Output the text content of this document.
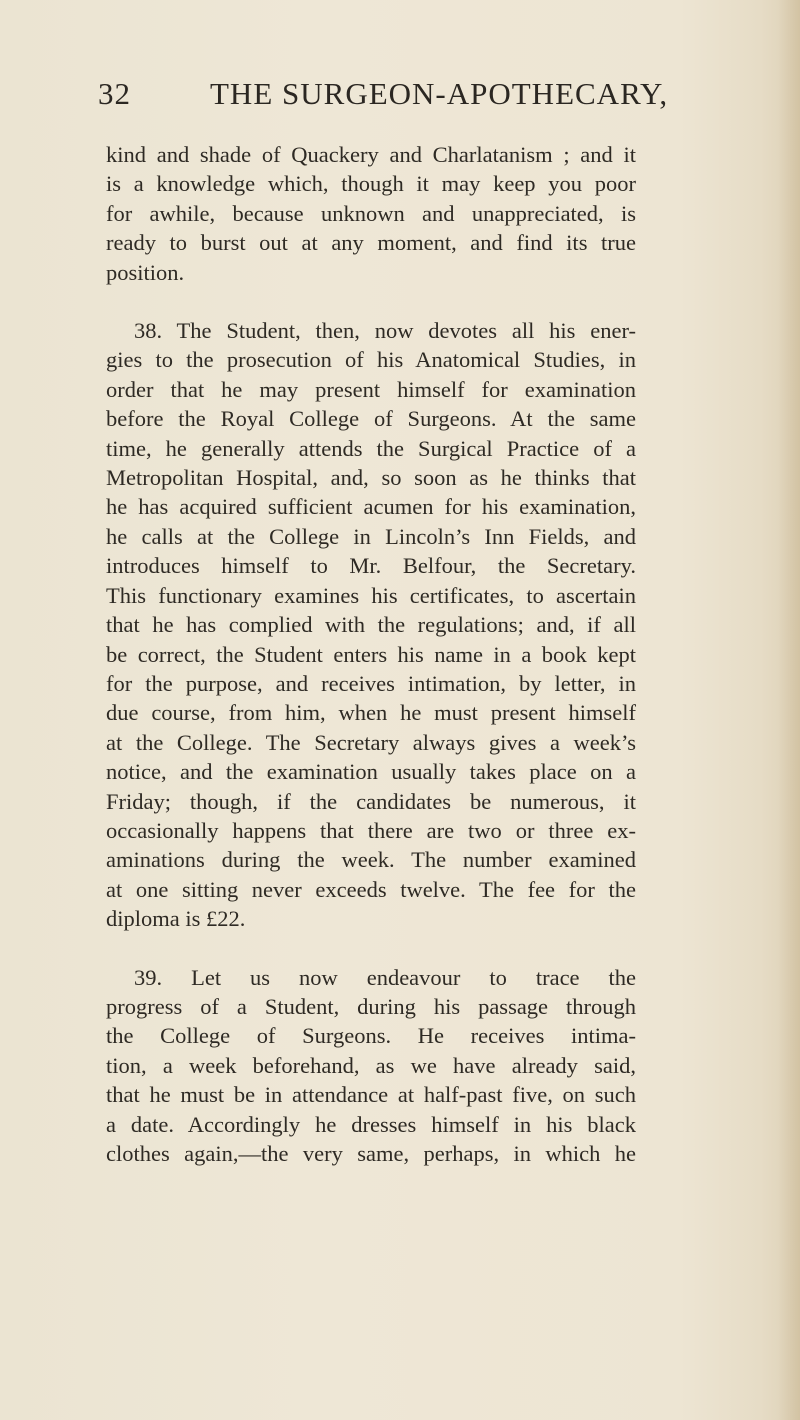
32	THE SURGEON-APOTHECARY,
kind and shade of Quackery and Charlatanism ; and it
is a knowledge which, though it may keep you poor
for awhile, because unknown and unappreciated, is
ready to burst out at any moment, and find its true
position.
38. The Student, then, now devotes all his ener-
gies to the prosecution of his Anatomical Studies, in
order that he may present himself for examination
before the Royal College of Surgeons. At the same
time, he generally attends the Surgical Practice of a
Metropolitan Hospital, and, so soon as he thinks that
he has acquired sufficient acumen for his examination,
he calls at the College in Lincoln’s Inn Fields, and
introduces himself to Mr. Belfour, the Secretary.
This functionary examines his certificates, to ascertain
that he has complied with the regulations; and, if all
be correct, the Student enters his name in a book kept
for the purpose, and receives intimation, by letter, in
due course, from him, when he must present himself
at the College. The Secretary always gives a week’s
notice, and the examination usually takes place on a
Friday; though, if the candidates be numerous, it
occasionally happens that there are two or three ex-
aminations during the week. The number examined
at one sitting never exceeds twelve. The fee for the
diploma is £22.
39. Let us now endeavour to trace the
progress of a Student, during his passage through
the College of Surgeons. He receives intima-
tion, a week beforehand, as we have already said,
that he must be in attendance at half-past five, on such
a date. Accordingly he dresses himself in his black
clothes again,—the very same, perhaps, in which he
